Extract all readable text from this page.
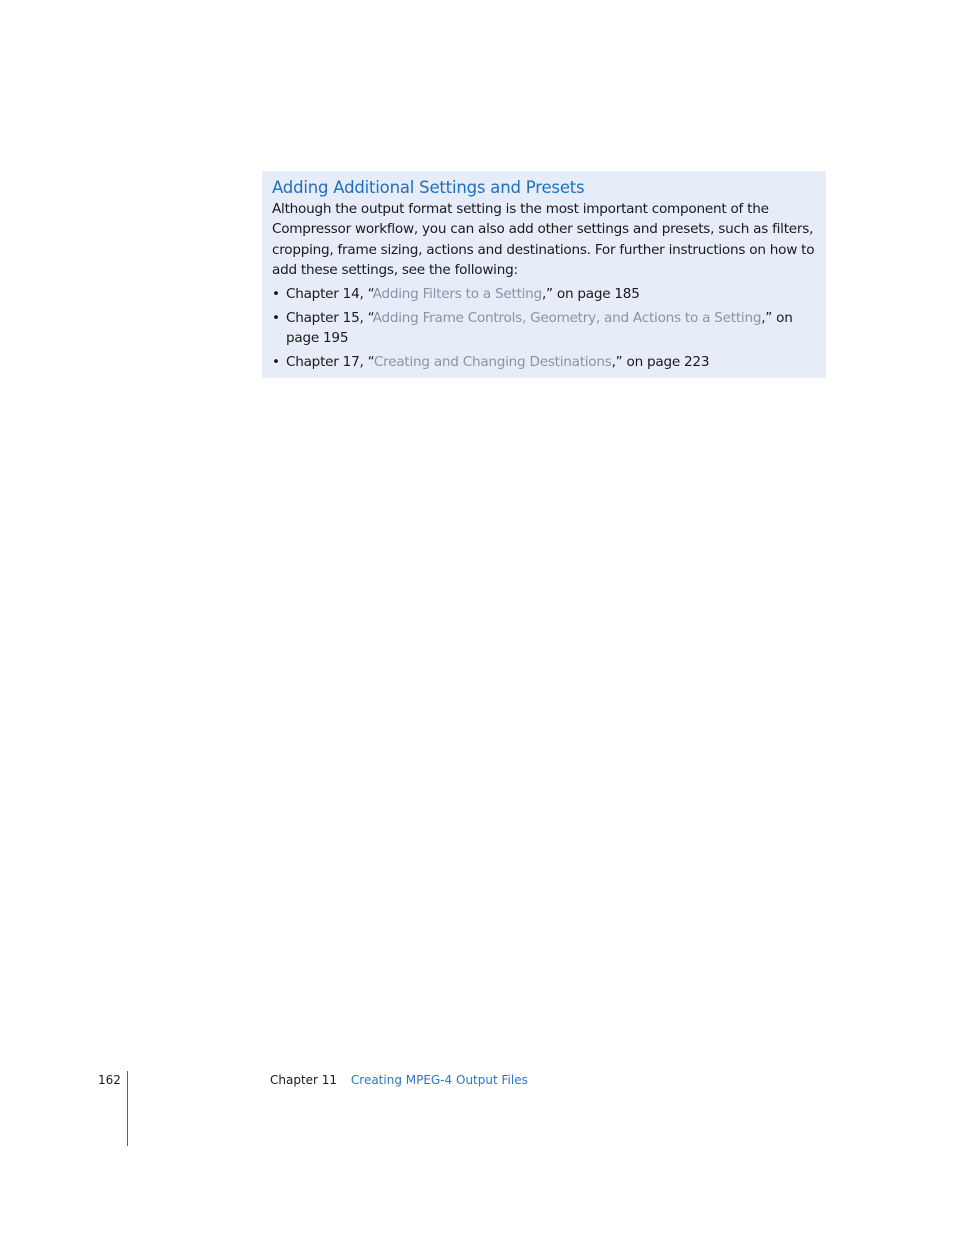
Adding Additional Settings and Presets

Although the output format setting is the most important component of the
Compressor workflow, you can also add other settings and presets, such as filters,
cropping, frame sizing, actions and destinations. For further instructions on how to
add these settings, see the following:

• Chapter 14, “Adding Filters to a Setting,” on page 185
• Chapter 15, “Adding Frame Controls, Geometry, and Actions to a Setting,” on
page 195
• Chapter 17, “Creating and Changing Destinations,” on page 223
162	Chapter 11 Creating MPEG-4 Output Files
